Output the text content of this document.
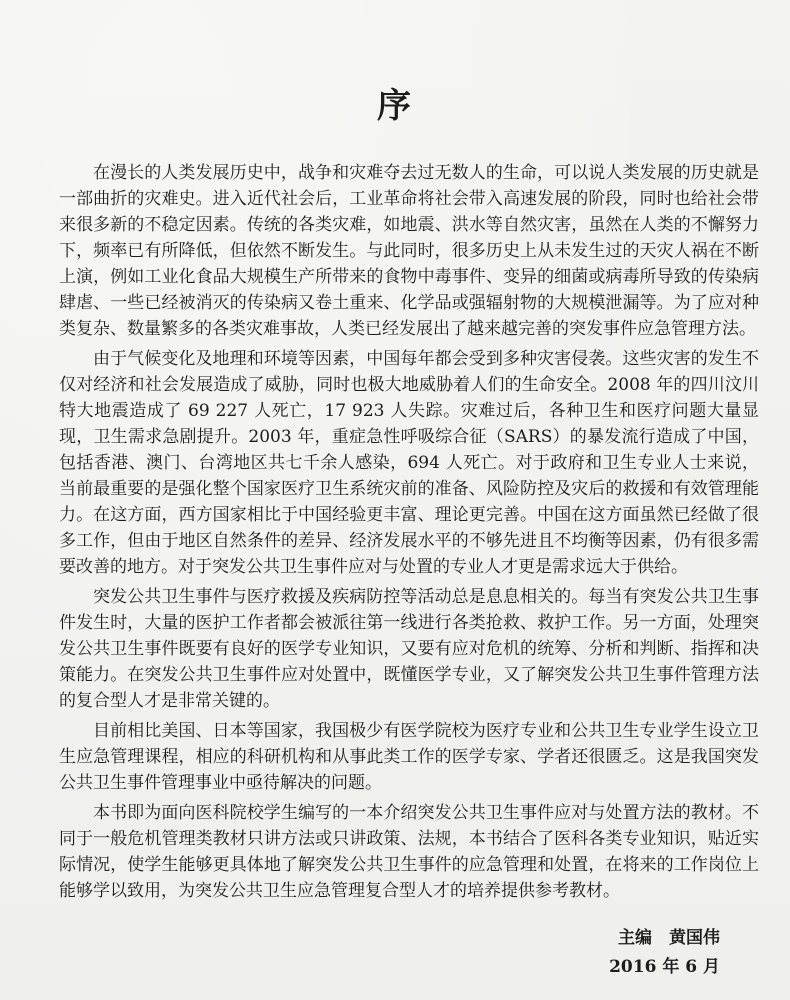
序

在漫长的人类发展历史中，战争和灾难夺去过无数人的生命，可以说人类发展的历史就是一部曲折的灾难史。进入近代社会后，工业革命将社会带入高速发展的阶段，同时也给社会带来很多新的不稳定因素。传统的各类灾难，如地震、洪水等自然灾害，虽然在人类的不懈努力下，频率已有所降低，但依然不断发生。与此同时，很多历史上从未发生过的天灾人祸在不断上演，例如工业化食品大规模生产所带来的食物中毒事件、变异的细菌或病毒所导致的传染病肆虐、一些已经被消灭的传染病又卷土重来、化学品或强辐射物的大规模泄漏等。为了应对种类复杂、数量繁多的各类灾难事故，人类已经发展出了越来越完善的突发事件应急管理方法。

由于气候变化及地理和环境等因素，中国每年都会受到多种灾害侵袭。这些灾害的发生不仅对经济和社会发展造成了威胁，同时也极大地威胁着人们的生命安全。2008 年的四川汶川特大地震造成了 69 227 人死亡，17 923 人失踪。灾难过后，各种卫生和医疗问题大量显现，卫生需求急剧提升。2003 年，重症急性呼吸综合征（SARS）的暴发流行造成了中国，包括香港、澳门、台湾地区共七千余人感染，694 人死亡。对于政府和卫生专业人士来说，当前最重要的是强化整个国家医疗卫生系统灾前的准备、风险防控及灾后的救援和有效管理能力。在这方面，西方国家相比于中国经验更丰富、理论更完善。中国在这方面虽然已经做了很多工作，但由于地区自然条件的差异、经济发展水平的不够先进且不均衡等因素，仍有很多需要改善的地方。对于突发公共卫生事件应对与处置的专业人才更是需求远大于供给。

突发公共卫生事件与医疗救援及疾病防控等活动总是息息相关的。每当有突发公共卫生事件发生时，大量的医护工作者都会被派往第一线进行各类抢救、救护工作。另一方面，处理突发公共卫生事件既要有良好的医学专业知识，又要有应对危机的统筹、分析和判断、指挥和决策能力。在突发公共卫生事件应对处置中，既懂医学专业，又了解突发公共卫生事件管理方法的复合型人才是非常关键的。

目前相比美国、日本等国家，我国极少有医学院校为医疗专业和公共卫生专业学生设立卫生应急管理课程，相应的科研机构和从事此类工作的医学专家、学者还很匮乏。这是我国突发公共卫生事件管理事业中亟待解决的问题。

本书即为面向医科院校学生编写的一本介绍突发公共卫生事件应对与处置方法的教材。不同于一般危机管理类教材只讲方法或只讲政策、法规，本书结合了医科各类专业知识，贴近实际情况，使学生能够更具体地了解突发公共卫生事件的应急管理和处置，在将来的工作岗位上能够学以致用，为突发公共卫生应急管理复合型人才的培养提供参考教材。

主编　黄国伟
2016 年 6 月
